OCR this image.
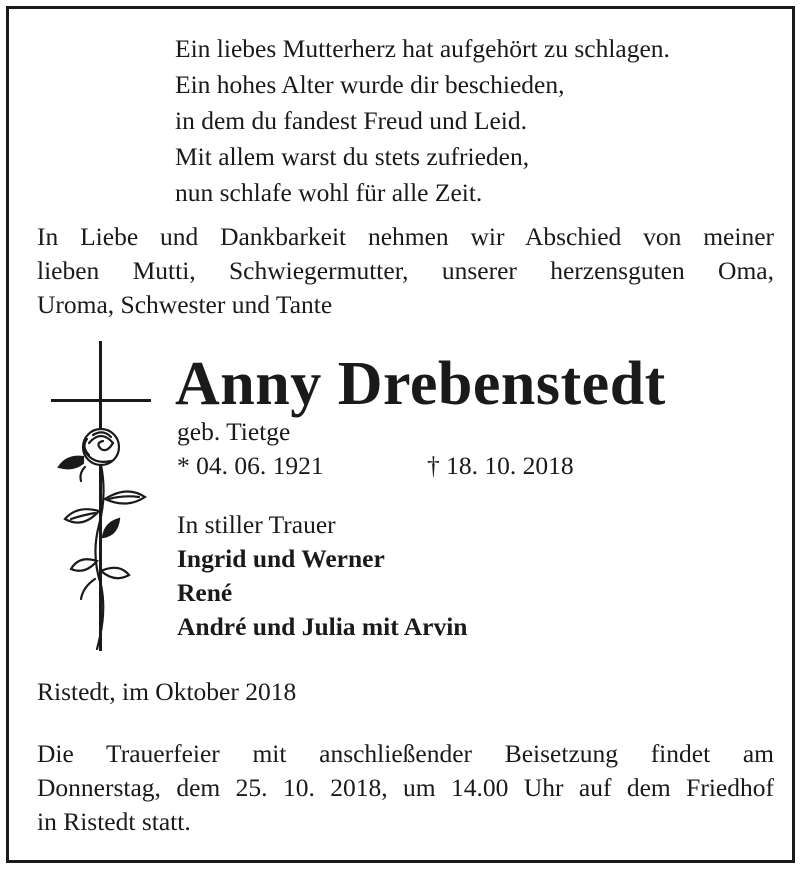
Ein liebes Mutterherz hat aufgehört zu schlagen.
Ein hohes Alter wurde dir beschieden,
in dem du fandest Freud und Leid.
Mit allem warst du stets zufrieden,
nun schlafe wohl für alle Zeit.
In Liebe und Dankbarkeit nehmen wir Abschied von meiner
lieben Mutti, Schwiegermutter, unserer herzensguten Oma,
Uroma, Schwester und Tante
Anny Drebenstedt
geb. Tietge
* 04. 06. 1921	† 18. 10. 2018
In stiller Trauer
Ingrid und Werner
René
André und Julia mit Arvin
Ristedt, im Oktober 2018
Die Trauerfeier mit anschließender Beisetzung findet am
Donnerstag, dem 25. 10. 2018, um 14.00 Uhr auf dem Friedhof
in Ristedt statt.
